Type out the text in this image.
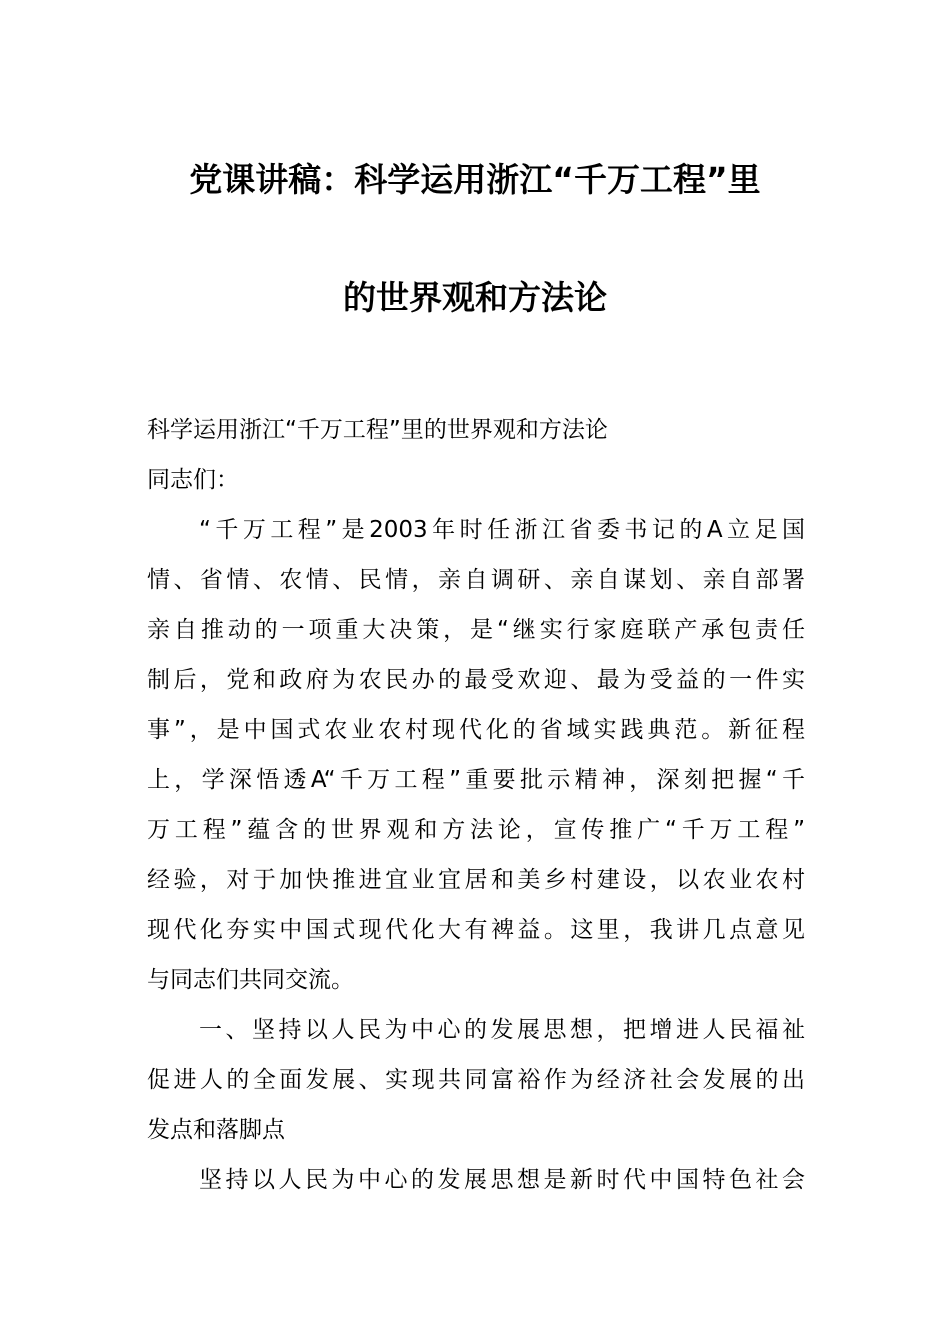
党课讲稿：科学运用浙江“千万工程”里
的世界观和方法论
科学运用浙江“千万工程”里的世界观和方法论
同志们：
“千万工程”是2003年时任浙江省委书记的A立足国
情、省情、农情、民情，亲自调研、亲自谋划、亲自部署
亲自推动的一项重大决策，是“继实行家庭联产承包责任
制后，党和政府为农民办的最受欢迎、最为受益的一件实
事”，是中国式农业农村现代化的省域实践典范。新征程
上，学深悟透A“千万工程”重要批示精神，深刻把握“千
万工程”蕴含的世界观和方法论，宣传推广“千万工程”
经验，对于加快推进宜业宜居和美乡村建设，以农业农村
现代化夯实中国式现代化大有裨益。这里，我讲几点意见
与同志们共同交流。
一、坚持以人民为中心的发展思想，把增进人民福祉
促进人的全面发展、实现共同富裕作为经济社会发展的出
发点和落脚点
坚持以人民为中心的发展思想是新时代中国特色社会
